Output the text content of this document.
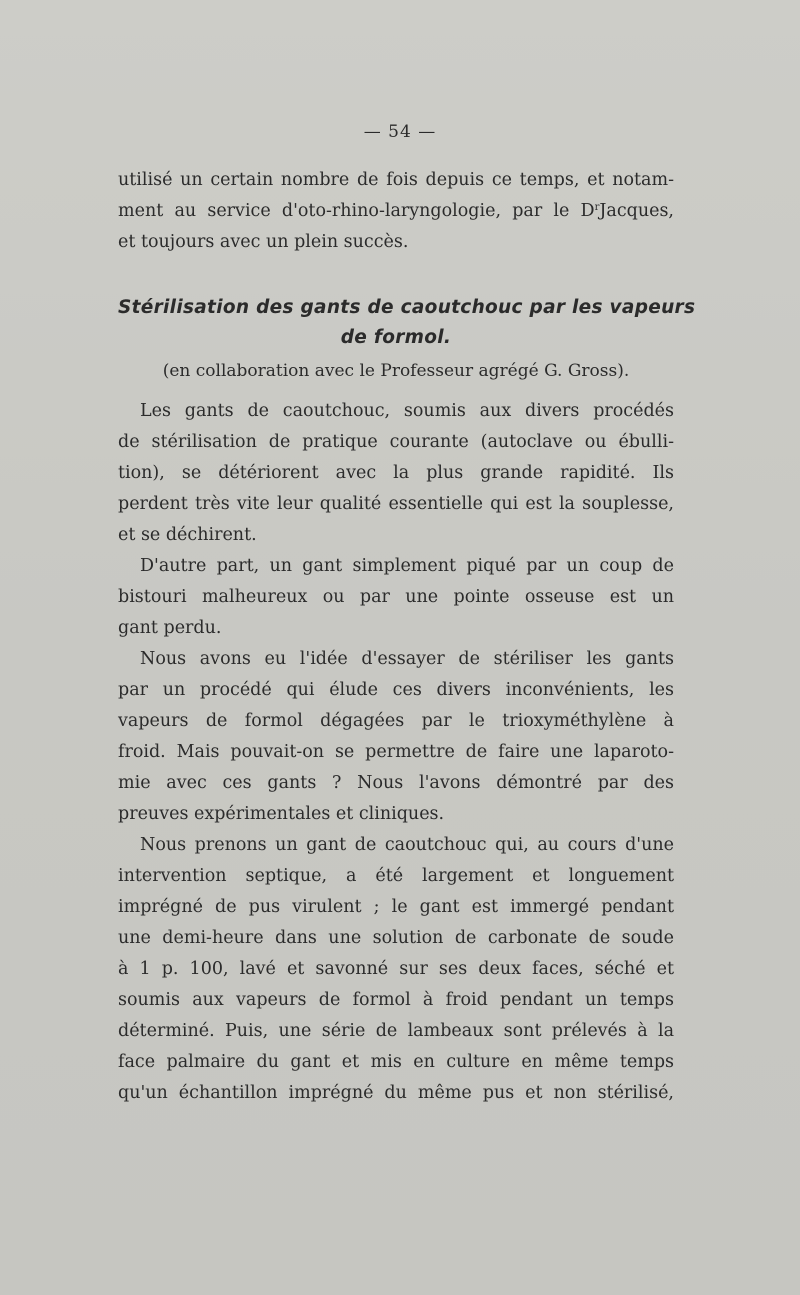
— 54 —
utilisé un certain nombre de fois depuis ce temps, et notam-
ment au service d'oto-rhino-laryngologie, par le $D^rJacques$,
et toujours avec un plein succès.
Stérilisation des gants de caoutchouc par les vapeurs
de formol.
(en collaboration avec le Professeur agrégé G. Gross).
Les gants de caoutchouc, soumis aux divers procédés
de stérilisation de pratique courante (autoclave ou ébulli-
tion), se détériorent avec la plus grande rapidité. Ils
perdent très vite leur qualité essentielle qui est la souplesse,
et se déchirent.
D'autre part, un gant simplement piqué par un coup de
bistouri malheureux ou par une pointe osseuse est un
gant perdu.
Nous avons eu l'idée d'essayer de stériliser les gants
par un procédé qui élude ces divers inconvénients, les
vapeurs de formol dégagées par le trioxyméthylène à
froid. Mais pouvait-on se permettre de faire une laparoto-
mie avec ces gants ? Nous l'avons démontré par des
preuves expérimentales et cliniques.
Nous prenons un gant de caoutchouc qui, au cours d'une
intervention septique, a été largement et longuement
imprégné de pus virulent ; le gant est immergé pendant
une demi-heure dans une solution de carbonate de soude
à 1 p. 100, lavé et savonné sur ses deux faces, séché et
soumis aux vapeurs de formol à froid pendant un temps
déterminé. Puis, une série de lambeaux sont prélevés à la
face palmaire du gant et mis en culture en même temps
qu'un échantillon imprégné du même pus et non stérilisé,
